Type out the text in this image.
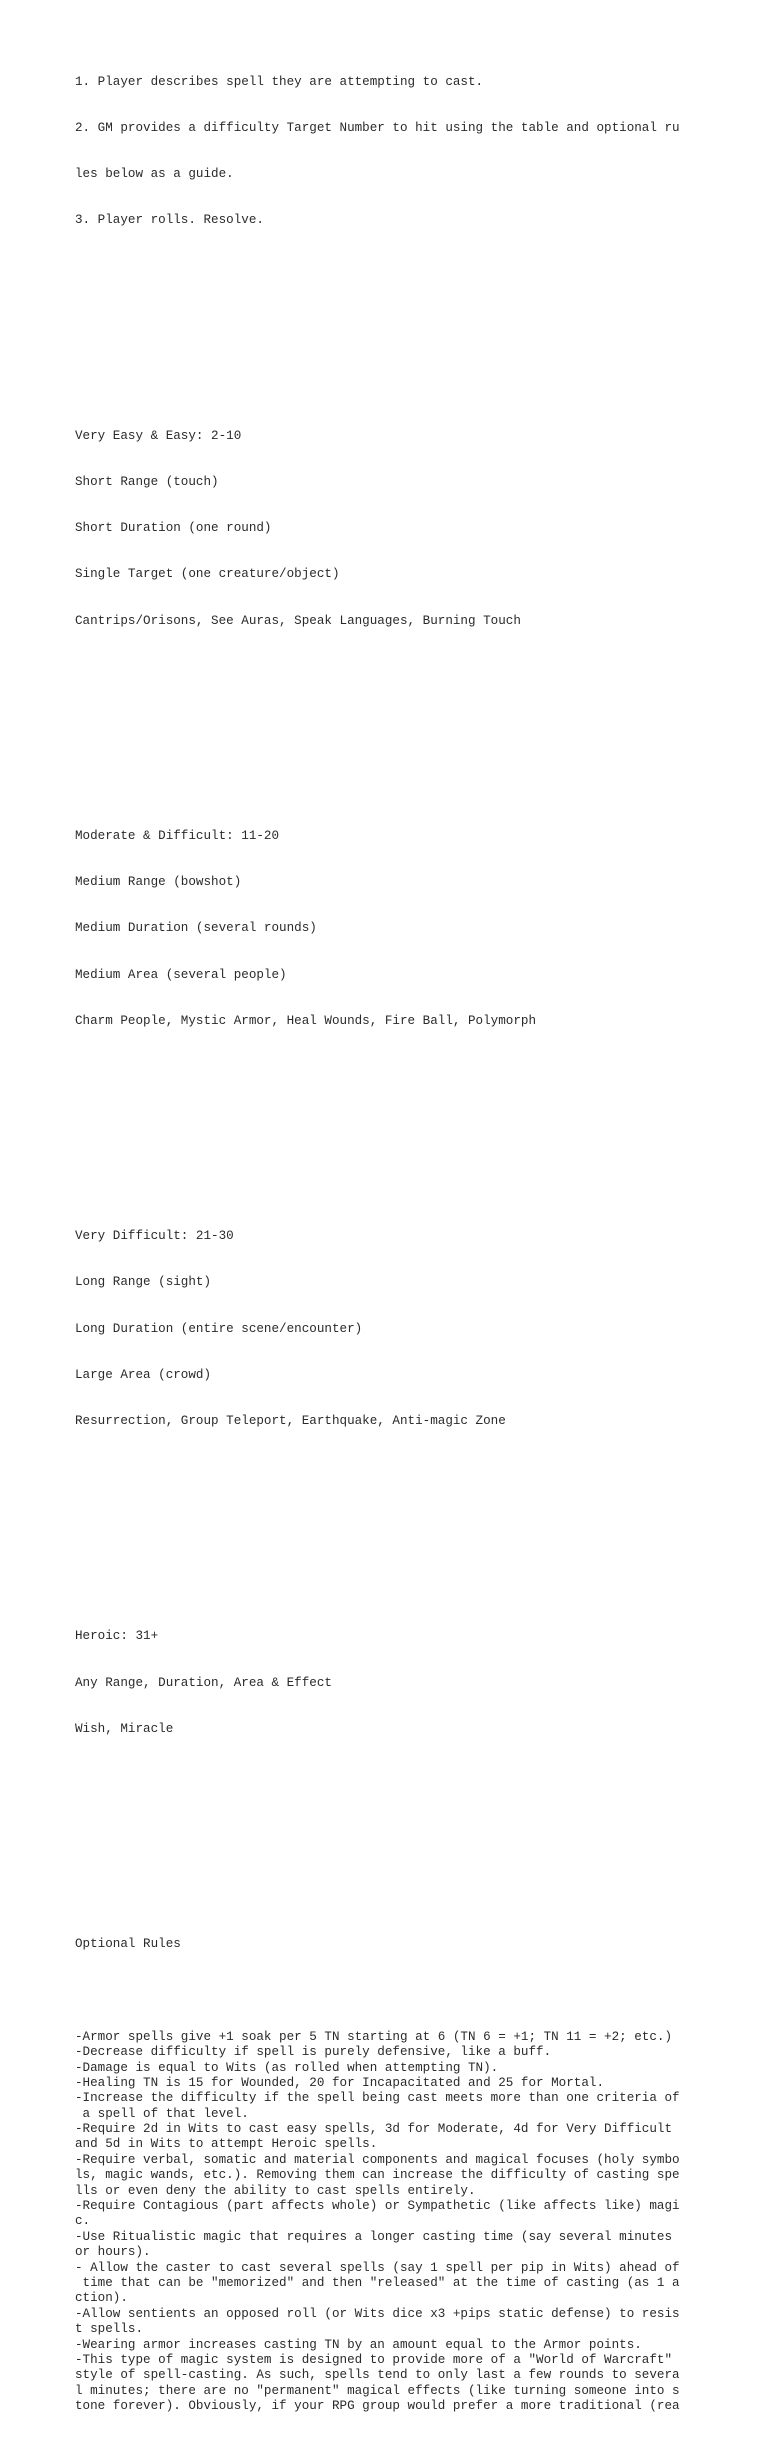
1. Player describes spell they are attempting to cast.

2. GM provides a difficulty Target Number to hit using the table and optional ru

les below as a guide.

3. Player rolls. Resolve.

Very Easy & Easy: 2-10

Short Range (touch)

Short Duration (one round)

Single Target (one creature/object)

Cantrips/Orisons, See Auras, Speak Languages, Burning Touch

Moderate & Difficult: 11-20

Medium Range (bowshot)

Medium Duration (several rounds)

Medium Area (several people)

Charm People, Mystic Armor, Heal Wounds, Fire Ball, Polymorph

Very Difficult: 21-30

Long Range (sight)

Long Duration (entire scene/encounter)

Large Area (crowd)

Resurrection, Group Teleport, Earthquake, Anti-magic Zone

Heroic: 31+

Any Range, Duration, Area & Effect

Wish, Miracle

Optional Rules

-Armor spells give +1 soak per 5 TN starting at 6 (TN 6 = +1; TN 11 = +2; etc.)
-Decrease difficulty if spell is purely defensive, like a buff.
-Damage is equal to Wits (as rolled when attempting TN).
-Healing TN is 15 for Wounded, 20 for Incapacitated and 25 for Mortal.
-Increase the difficulty if the spell being cast meets more than one criteria of
a spell of that level.
-Require 2d in Wits to cast easy spells, 3d for Moderate, 4d for Very Difficult
and 5d in Wits to attempt Heroic spells.
-Require verbal, somatic and material components and magical focuses (holy symbo
ls, magic wands, etc.). Removing them can increase the difficulty of casting spe
lls or even deny the ability to cast spells entirely.
-Require Contagious (part affects whole) or Sympathetic (like affects like) magi
c.
-Use Ritualistic magic that requires a longer casting time (say several minutes
or hours).
- Allow the caster to cast several spells (say 1 spell per pip in Wits) ahead of
time that can be "memorized" and then "released" at the time of casting (as 1 a
ction).
-Allow sentients an opposed roll (or Wits dice x3 +pips static defense) to resis
t spells.
-Wearing armor increases casting TN by an amount equal to the Armor points.
-This type of magic system is designed to provide more of a "World of Warcraft"
style of spell-casting. As such, spells tend to only last a few rounds to severa
l minutes; there are no "permanent" magical effects (like turning someone into s
tone forever). Obviously, if your RPG group would prefer a more traditional (rea
